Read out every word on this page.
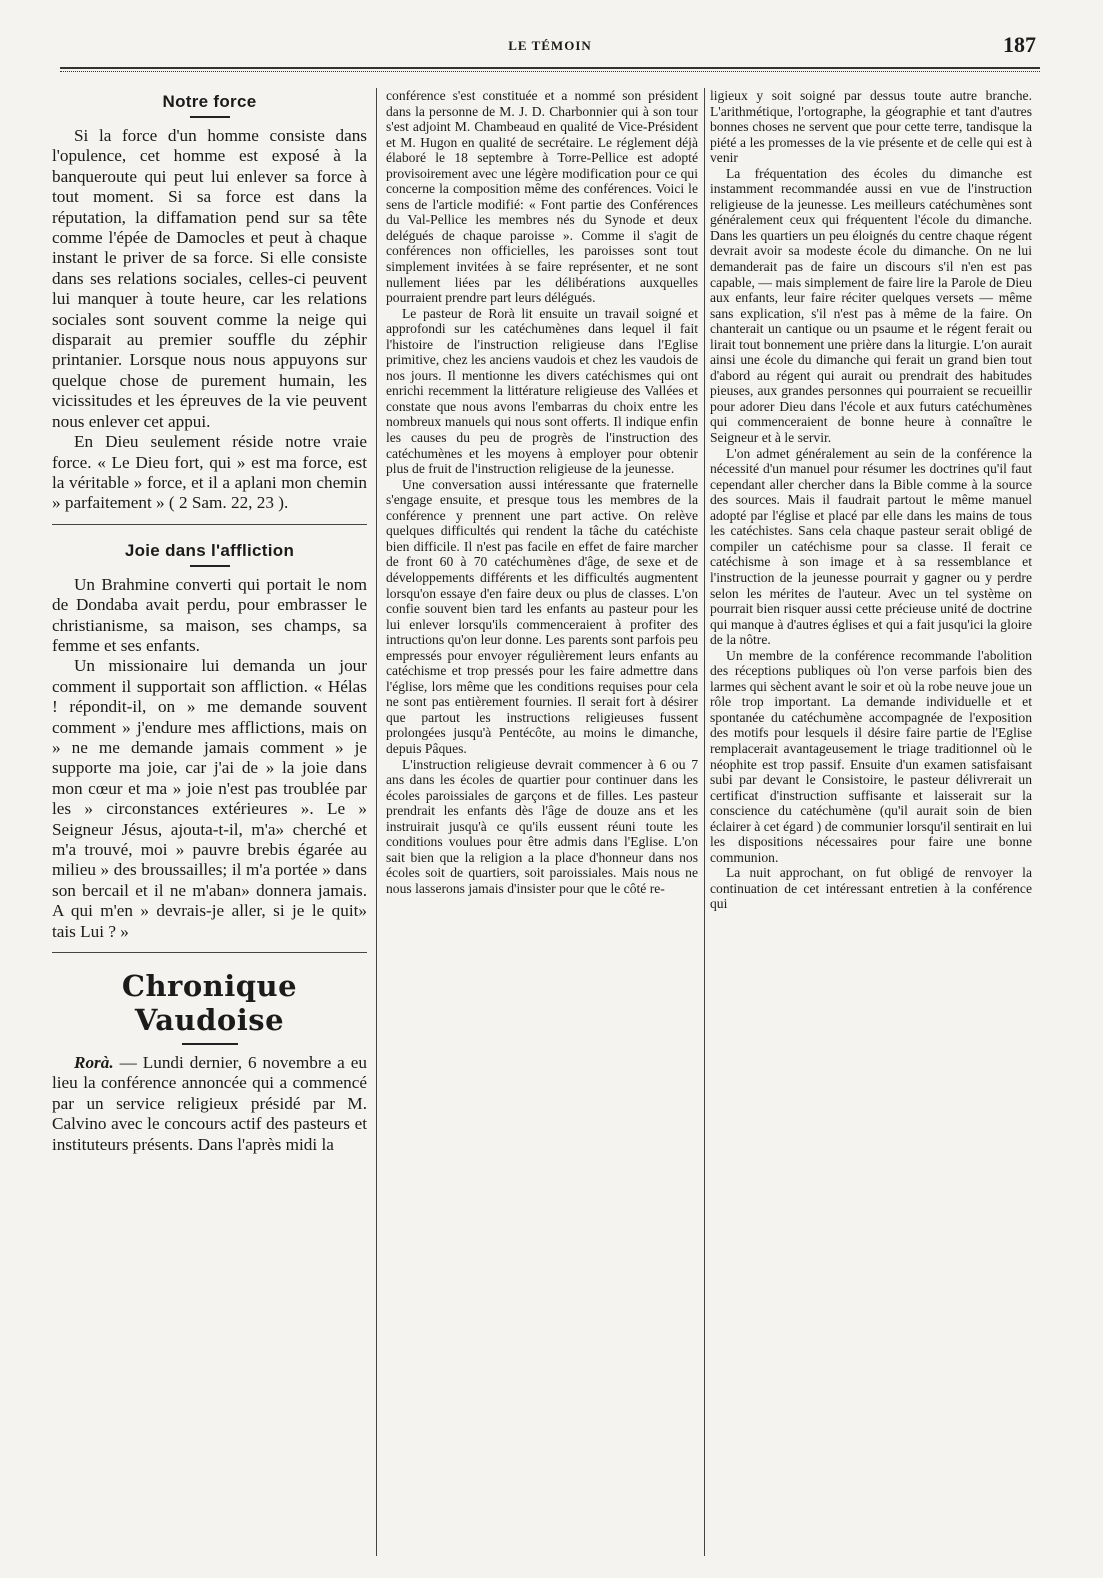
LE TÉMOIN	187
Notre force

Si la force d'un homme consiste dans l'opulence, cet homme est exposé à la banqueroute qui peut lui enlever sa force à tout moment. Si sa force est dans la réputation, la diffamation pend sur sa tête comme l'épée de Damocles et peut à chaque instant le priver de sa force. Si elle consiste dans ses relations sociales, celles-ci peuvent lui manquer à toute heure, car les relations sociales sont souvent comme la neige qui disparait au premier souffle du zéphir printanier. Lorsque nous nous appuyons sur quelque chose de purement humain, les vicissitudes et les épreuves de la vie peuvent nous enlever cet appui.

En Dieu seulement réside notre vraie force. « Le Dieu fort, qui » est ma force, est la véritable » force, et il a aplani mon chemin » parfaitement » ( 2 Sam. 22, 23 ).

Joie dans l'affliction

Un Brahmine converti qui portait le nom de Dondaba avait perdu, pour embrasser le christianisme, sa maison, ses champs, sa femme et ses enfants.

Un missionaire lui demanda un jour comment il supportait son affliction. « Hélas ! répondit-il, on » me demande souvent comment » j'endure mes afflictions, mais on » ne me demande jamais comment » je supporte ma joie, car j'ai de » la joie dans mon cœur et ma » joie n'est pas troublée par les » circonstances extérieures ». Le » Seigneur Jésus, ajouta-t-il, m'a» cherché et m'a trouvé, moi » pauvre brebis égarée au milieu » des broussailles; il m'a portée » dans son bercail et il ne m'aban» donnera jamais. A qui m'en » devrais-je aller, si je le quit» tais Lui ? »

Chronique Vaudoise

Rorà. — Lundi dernier, 6 novembre a eu lieu la conférence annoncée qui a commencé par un service religieux présidé par M. Calvino avec le concours actif des pasteurs et instituteurs présents. Dans l'après midi la

conférence s'est constituée et a nommé son président dans la personne de M. J. D. Charbonnier qui à son tour s'est adjoint M. Chambeaud en qualité de Vice-Président et M. Hugon en qualité de secrétaire. Le réglement déjà élaboré le 18 septembre à Torre-Pellice est adopté provisoirement avec une légère modification pour ce qui concerne la composition même des conférences. Voici le sens de l'article modifié: « Font partie des Conférences du Val-Pellice les membres nés du Synode et deux delégués de chaque paroisse ». Comme il s'agit de conférences non officielles, les paroisses sont tout simplement invitées à se faire représenter, et ne sont nullement liées par les délibérations auxquelles pourraient prendre part leurs délégués.

Le pasteur de Rorà lit ensuite un travail soigné et approfondi sur les catéchumènes dans lequel il fait l'histoire de l'instruction religieuse dans l'Eglise primitive, chez les anciens vaudois et chez les vaudois de nos jours. Il mentionne les divers catéchismes qui ont enrichi recemment la littérature religieuse des Vallées et constate que nous avons l'embarras du choix entre les nombreux manuels qui nous sont offerts. Il indique enfin les causes du peu de progrès de l'instruction des catéchumènes et les moyens à employer pour obtenir plus de fruit de l'instruction religieuse de la jeunesse.

Une conversation aussi intéressante que fraternelle s'engage ensuite, et presque tous les membres de la conférence y prennent une part active. On relève quelques difficultés qui rendent la tâche du catéchiste bien difficile. Il n'est pas facile en effet de faire marcher de front 60 à 70 catéchumènes d'âge, de sexe et de développements différents et les difficultés augmentent lorsqu'on essaye d'en faire deux ou plus de classes. L'on confie souvent bien tard les enfants au pasteur pour les lui enlever lorsqu'ils commenceraient à profiter des intructions qu'on leur donne. Les parents sont parfois peu empressés pour envoyer régulièrement leurs enfants au catéchisme et trop pressés pour les faire admettre dans l'église, lors même que les conditions requises pour cela ne sont pas entièrement fournies. Il serait fort à désirer que partout les instructions religieuses fussent prolongées jusqu'à Pentécôte, au moins le dimanche, depuis Pâques.

L'instruction religieuse devrait commencer à 6 ou 7 ans dans les écoles de quartier pour continuer dans les écoles paroissiales de garçons et de filles. Les pasteur prendrait les enfants dès l'âge de douze ans et les instruirait jusqu'à ce qu'ils eussent réuni toute les conditions voulues pour être admis dans l'Eglise. L'on sait bien que la religion a la place d'honneur dans nos écoles soit de quartiers, soit paroissiales. Mais nous ne nous lasserons jamais d'insister pour que le côté re-

ligieux y soit soigné par dessus toute autre branche. L'arithmétique, l'ortographe, la géographie et tant d'autres bonnes choses ne servent que pour cette terre, tandisque la piété a les promesses de la vie présente et de celle qui est à venir

La fréquentation des écoles du dimanche est instamment recommandée aussi en vue de l'instruction religieuse de la jeunesse. Les meilleurs catéchumènes sont généralement ceux qui fréquentent l'école du dimanche. Dans les quartiers un peu éloignés du centre chaque régent devrait avoir sa modeste école du dimanche. On ne lui demanderait pas de faire un discours s'il n'en est pas capable, — mais simplement de faire lire la Parole de Dieu aux enfants, leur faire réciter quelques versets — même sans explication, s'il n'est pas à même de la faire. On chanterait un cantique ou un psaume et le régent ferait ou lirait tout bonnement une prière dans la liturgie. L'on aurait ainsi une école du dimanche qui ferait un grand bien tout d'abord au régent qui aurait ou prendrait des habitudes pieuses, aux grandes personnes qui pourraient se recueillir pour adorer Dieu dans l'école et aux futurs catéchumènes qui commenceraient de bonne heure à connaître le Seigneur et à le servir.

L'on admet généralement au sein de la conférence la nécessité d'un manuel pour résumer les doctrines qu'il faut cependant aller chercher dans la Bible comme à la source des sources. Mais il faudrait partout le même manuel adopté par l'église et placé par elle dans les mains de tous les catéchistes. Sans cela chaque pasteur serait obligé de compiler un catéchisme pour sa classe. Il ferait ce catéchisme à son image et à sa ressemblance et l'instruction de la jeunesse pourrait y gagner ou y perdre selon les mérites de l'auteur. Avec un tel système on pourrait bien risquer aussi cette précieuse unité de doctrine qui manque à d'autres églises et qui a fait jusqu'ici la gloire de la nôtre.

Un membre de la conférence recommande l'abolition des réceptions publiques où l'on verse parfois bien des larmes qui sèchent avant le soir et où la robe neuve joue un rôle trop important. La demande individuelle et et spontanée du catéchumène accompagnée de l'exposition des motifs pour lesquels il désire faire partie de l'Eglise remplacerait avantageusement le triage traditionnel où le néophite est trop passif. Ensuite d'un examen satisfaisant subi par devant le Consistoire, le pasteur délivrerait un certificat d'instruction suffisante et laisserait sur la conscience du catéchumène (qu'il aurait soin de bien éclairer à cet égard ) de communier lorsqu'il sentirait en lui les dispositions nécessaires pour faire une bonne communion.

La nuit approchant, on fut obligé de renvoyer la continuation de cet intéressant entretien à la conférence qui
